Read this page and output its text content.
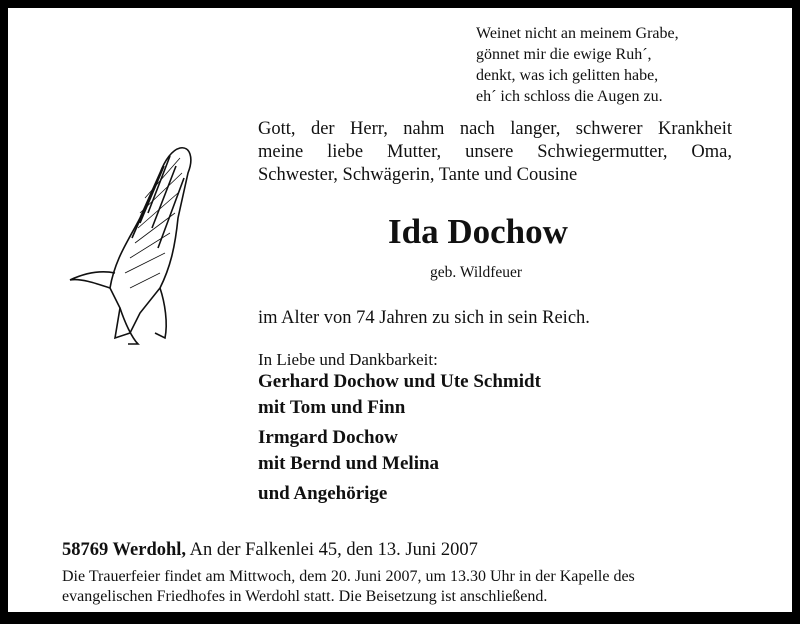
Weinet nicht an meinem Grabe,

gönnet mir die ewige Ruh´,

denkt, was ich gelitten habe,

eh´ ich schloss die Augen zu.

Gott, der Herr, nahm nach langer, schwerer Krankheit
meine liebe Mutter, unsere Schwiegermutter, Oma,
Schwester, Schwägerin, Tante und Cousine

Ida Dochow

geb. Wildfeuer

im Alter von 74 Jahren zu sich in sein Reich.

In Liebe und Dankbarkeit:

Gerhard Dochow und Ute Schmidt

mit Tom und Finn

Irmgard Dochow

mit Bernd und Melina

und Angehörige

58769 Werdohl, An der Falkenlei 45, den 13. Juni 2007

Die Trauerfeier findet am Mittwoch, dem 20. Juni 2007, um 13.30 Uhr in der Kapelle des

evangelischen Friedhofes in Werdohl statt. Die Beisetzung ist anschließend.
